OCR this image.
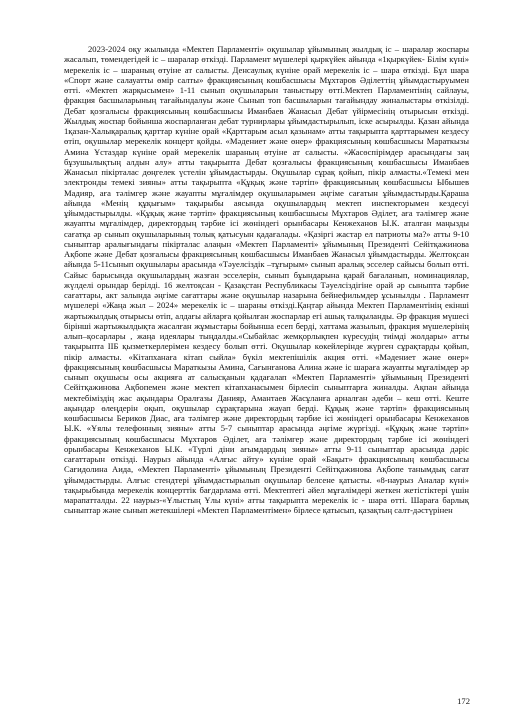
2023-2024 оқу жылында «Мектеп Парламенті» оқушылар ұйымының жылдық іс – шаралар жоспары жасалып, төмендегідей іс – шаралар өткізді. Парламент мүшелері қыркүйек айында «1қыркүйек- Білім күні» мерекелік іс – шараның өтуіне ат салысты. Денсаулық күніне орай мерекелік іс – шара өткізді. Бұл шара «Спорт және салауатты өмір салты» фракциясының көшбасшысы Мұхтаров Әділеттің ұйымдастыруымен өтті. «Мектеп жарқысымен» 1-11 сынып оқушыларын таныстыру өтті.Мектеп Парламентінің сайлауы, фракция басшыларының тағайындалуы және Сынып топ басшыларын тағайындау жиналыстары өткізілді. Дебат қозғалысы фракциясының көшбасшысы Иманбаев Жанасыл Дебат үйірмесінің отырысын өткізді. Жылдық жоспар бойынша жоспарланған дебат турнирлары ұйымдастырылып, іске асырылды. Қазан айында 1қазан-Халықаралық қарттар күніне орай «Қарттарым асыл қазынам» атты тақырыпта қарттарымен кездесу өтіп, оқушылар мерекелік концерт қойды. «Мәдениет және өнер» фракциясының көшбасшысы Мараткызы Амина Ұстаздар күніне орай мерекелік шараның өтуіне ат салысты. «Жасөспірімдер арасындағы заң бұзушылықтың алдын алу» атты тақырыпта Дебат қозғалысы фракциясының көшбасшысы Иманбаев Жанасыл пікірталас дөңгелек үстелін ұйымдастырды. Оқушылар сұрақ қойып, пікір алмасты.«Темекі мен электронды темекі зияны» атты тақырыпта «Құқық және тәртіп» фракциясының көшбасшысы Ыбышев Мадияр, аға тәлімгер және жауапты мұғалімдер оқушыларымен әңгіме сағатын ұйымдастырды.Қараша айында «Менің құқығым» тақырыбы аясында оқушылардың мектеп инспекторымен кездесуі ұйымдастырылды. «Құқық және тәртіп» фракциясының көшбасшысы Мұхтаров Әділет, аға тәлімгер және жауапты мұғалімдер, директордың тәрбие ісі жөніндегі орынбасары Кенжеханов Ы.К. аталған маңызды сағатқа әр сынып оқушыларының толық қатысуын қадағалады. «Қазіргі жастар ел патриоты ма?» атты 9-10 сыныптар аралығындағы пікірталас алаңын «Мектеп Парламенті» ұйымының Президенті Сейітқажинова Ақбопе және Дебат қозғалысы фракциясының көшбасшысы Иманбаев Жанасыл ұйымдастырды. Желтоқсан айында 5-11сынып оқушылары арасында «Тәуелсіздік –тұғырым» сынып аралық эсселер сайысы болып өтті. Сайыс барысында оқушылардың жазған эсселерін, сынып бұындарына қарай бағаланып, номинациялар, жүлделі орындар берілді. 16 желтоқсан - Қазақстан Республикасы Тәуелсіздігіне орай әр сыныпта тәрбие сағаттары, акт залында әңгіме сағаттары және оқушылар назарына бейнефильмдер ұсынылды . Парламент мүшелері «Жаңа жыл – 2024» мерекелік іс – шараны өткізді.Қаңтар айында Мектеп Парламентінің екінші жартыжылдық отырысы өтіп, алдағы айларға қойылған жоспарлар егі ашық талқыланды. Әр фракция мүшесі бірінші жартыжылдықта жасалған жұмыстары бойынша есеп берді, хаттама жазылып, фракция мүшелерінің алып–қосарлары , жаңа идеялары тыңдалды.«Сыбайлас жемқорлықпен күресудің тиімді жолдары» атты тақырыпта ІІБ қызметкерлерімен кездесу болып өтті. Оқушылар көкейлеріндe жүрген сұрақтарды қойып, пікір алмасты. «Кітапханаға кітап сыйла» бүкіл мектепішілік акция өтті. «Мәдениет және өнер» фракциясының көшбасшысы Мараткызы Амина, Сағынғанова Алина және іс шараға жауапты мұғалімдер әр сынып оқушысы осы акцияға ат салысқанын қадағалап «Мектеп Парламенті» ұйымының Президенті Сейітқажинова Ақбопемен және мектеп кітапханасымен бірлесіп сыныптарға жиналды. Ақпан айында мектебімiздің жас ақындары Оралғазы Данияр, Амантаев Жасұланға арналған әдеби – кеш өтті. Кеште ақындар өлеңдерін оқып, оқушылар сұрақтарына жауап берді. Құқық және тәртіп» фракциясының көшбасшысы Бериков Диас, аға тәлімгер және директордың тәрбие ісі жөніндегі орынбасары Кенжеханов Ы.К. «Ұялы телефонның зияны» атты 5-7 сыныптар арасында әңгіме жүргізді. «Құқық және тәртіп» фракциясының көшбасшысы Мұхтаров Әділет, аға тәлімгер және директордың тәрбие ісі жөніндегі орынбасары Кенжеханов Ы.К. «Түрлі діни ағымдардың зияны» атты 9-11 сыныптар арасында дәріс сағаттарын өткізді. Наурыз айында «Алғыс айту» күніне орай «Бақыт» фракциясының көшбасшысы Сағидолина Аида, «Мектеп Парламенті» ұйымының Президенті Сейітқажинова Ақбопе танымдық сағат ұйымдастырды. Алғыс стендтері ұйымдастырылып оқушылар белсене қатысты. «8-наурыз Аналар күні» тақырыбында мерекелік концерттік бағдарлама өтті. Мектептегі әйел мұғалімдері жеткен жетістіктері үшін марапатталды. 22 наурыз-«Ұлыстың Ұлы күні» атты тақырыпта мерекелік іс - шара өтті. Шараға барлық сыныптар және сынып жетекшілері «Мектеп Парламентімен» бірлесе қатысып, қазақтың салт-дәстүрінен

172
